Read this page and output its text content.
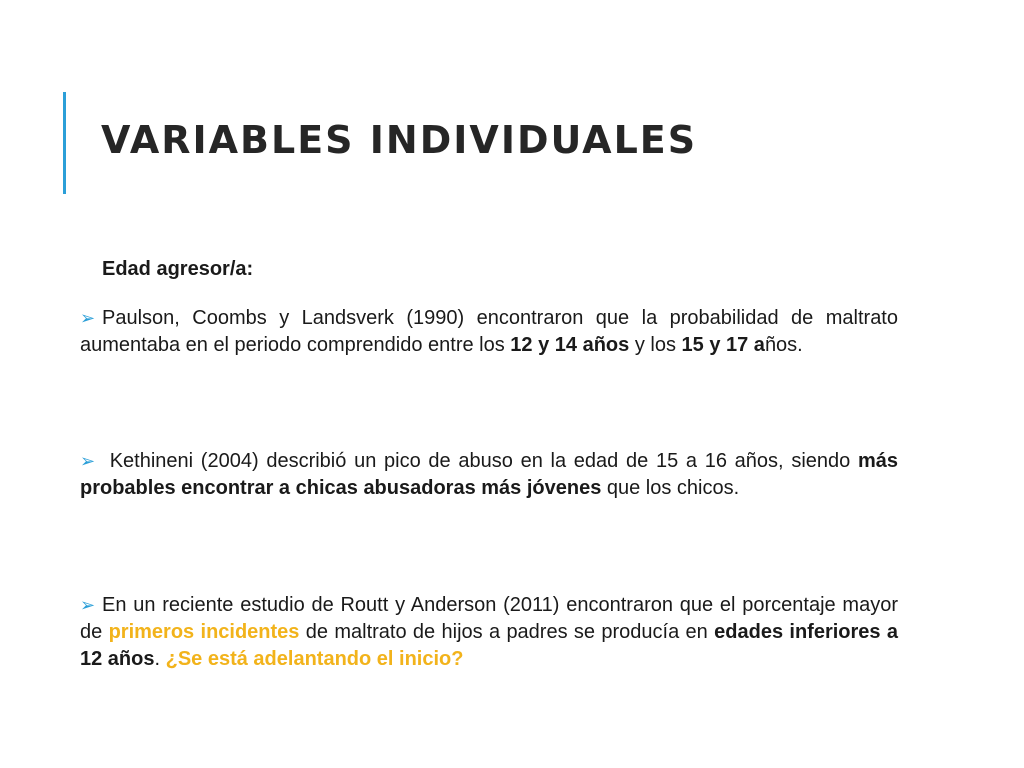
VARIABLES INDIVIDUALES
Edad agresor/a:
➢ Paulson, Coombs y Landsverk (1990) encontraron que la probabilidad de maltrato aumentaba en el periodo comprendido entre los 12 y 14 años y los 15 y 17 años.
➢ Kethineni (2004) describió un pico de abuso en la edad de 15 a 16 años, siendo más probables encontrar a chicas abusadoras más jóvenes que los chicos.
➢ En un reciente estudio de Routt y Anderson (2011) encontraron que el porcentaje mayor de primeros incidentes de maltrato de hijos a padres se producía en edades inferiores a 12 años. ¿Se está adelantando el inicio?
